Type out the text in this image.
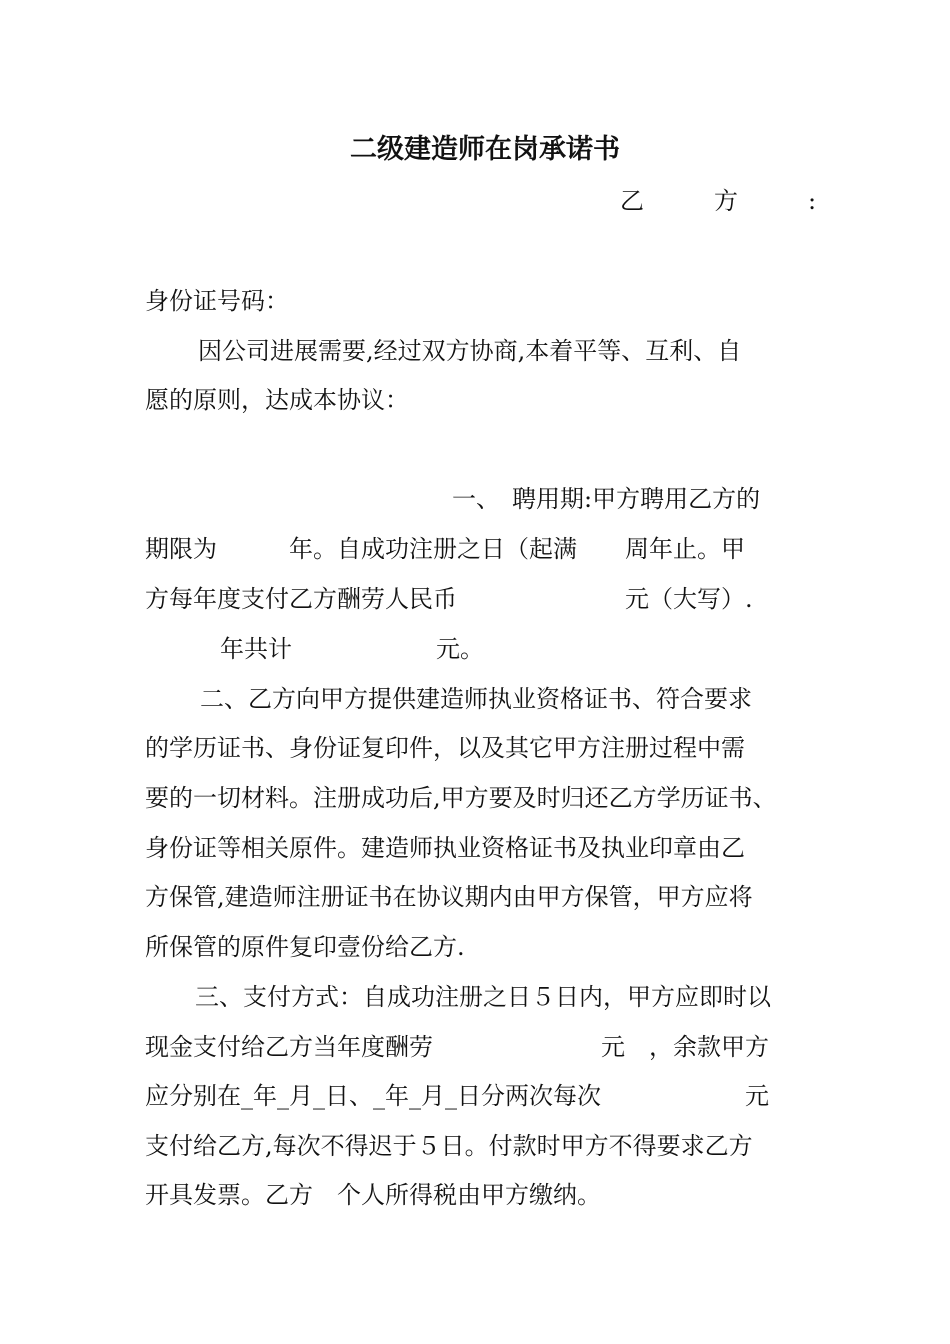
二级建造师在岗承诺书
乙	方	:
身份证号码：
因公司进展需要,经过双方协商,本着平等、互利、自
愿的原则，达成本协议：
一、　聘用期:甲方聘用乙方的
期限为　　　年。自成功注册之日（起满　　周年止。甲
方每年度支付乙方酬劳人民币　　　　　　　元（大写）.
年共计　　　　　　元。
二、乙方向甲方提供建造师执业资格证书、符合要求
的学历证书、身份证复印件，以及其它甲方注册过程中需
要的一切材料。注册成功后,甲方要及时归还乙方学历证书、
身份证等相关原件。建造师执业资格证书及执业印章由乙
方保管,建造师注册证书在协议期内由甲方保管，甲方应将
所保管的原件复印壹份给乙方.
三、支付方式：自成功注册之日５日内，甲方应即时以
现金支付给乙方当年度酬劳　　　　　　　元　，余款甲方
应分别在_年_月_日、_年_月_日分两次每次　　　　　　元
支付给乙方,每次不得迟于５日。付款时甲方不得要求乙方
开具发票。乙方　个人所得税由甲方缴纳。
